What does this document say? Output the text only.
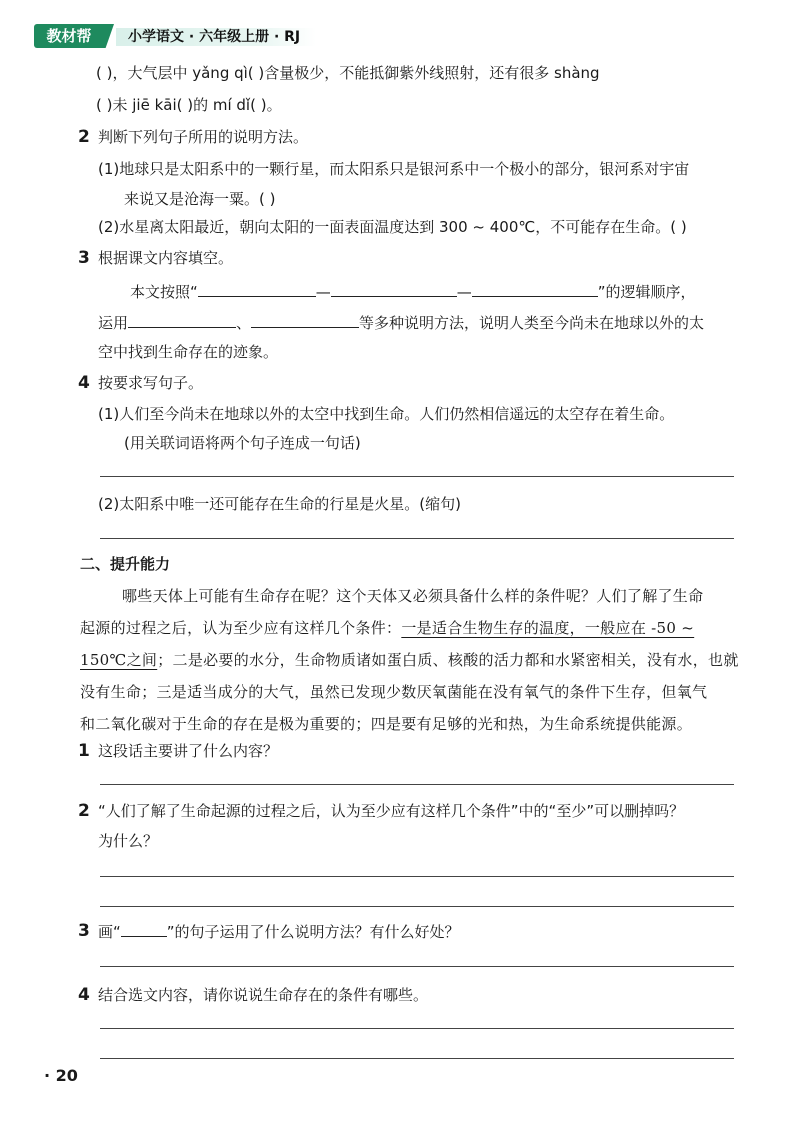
教材帮	小学语文 · 六年级上册 · RJ
( )，大气层中 yǎng qì( )含量极少，不能抵御紫外线照射，还有很多 shàng
( )未 jiē kāi( )的 mí dǐ( )。
2 判断下列句子所用的说明方法。
(1)地球只是太阳系中的一颗行星，而太阳系只是银河系中一个极小的部分，银河系对宇宙
来说又是沧海一粟。( )
(2)水星离太阳最近，朝向太阳的一面表面温度达到 300 ~ 400℃，不可能存在生命。( )
3 根据课文内容填空。
本文按照“	—	—	”的逻辑顺序，
运用	、	等多种说明方法，说明人类至今尚未在地球以外的太
空中找到生命存在的迹象。
4 按要求写句子。
(1)人们至今尚未在地球以外的太空中找到生命。人们仍然相信遥远的太空存在着生命。
(用关联词语将两个句子连成一句话)
(2)太阳系中唯一还可能存在生命的行星是火星。(缩句)
二、提升能力
哪些天体上可能有生命存在呢？这个天体又必须具备什么样的条件呢？人们了解了生命
起源的过程之后，认为至少应有这样几个条件：一是适合生物生存的温度，一般应在 -50 ~
150℃之间；二是必要的水分，生命物质诸如蛋白质、核酸的活力都和水紧密相关，没有水，也就
没有生命；三是适当成分的大气，虽然已发现少数厌氧菌能在没有氧气的条件下生存，但氧气
和二氧化碳对于生命的存在是极为重要的；四是要有足够的光和热，为生命系统提供能源。
1 这段话主要讲了什么内容？
2 “人们了解了生命起源的过程之后，认为至少应有这样几个条件”中的“至少”可以删掉吗？
为什么？
3 画“	”的句子运用了什么说明方法？有什么好处？
4 结合选文内容，请你说说生命存在的条件有哪些。
· 20
